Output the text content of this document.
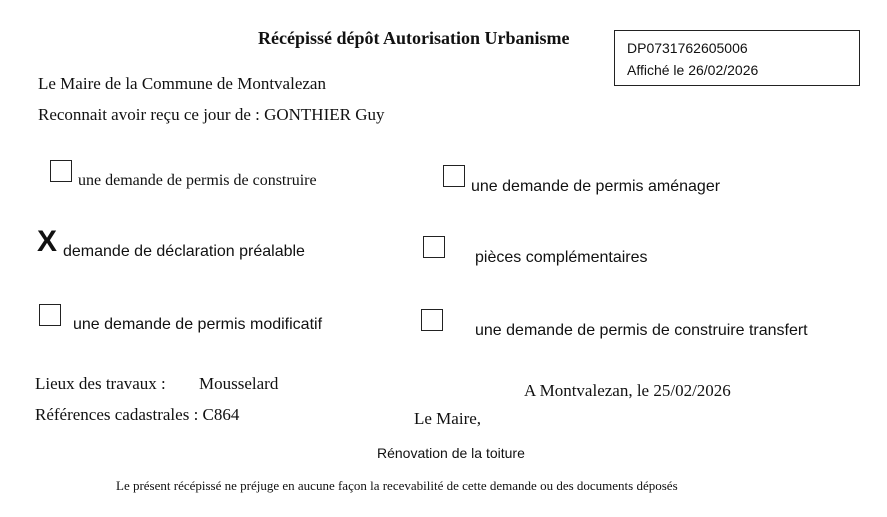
Récépissé dépôt Autorisation Urbanisme	DP0731762605006
Affiché le 26/02/2026
Le Maire de la Commune de Montvalezan
Reconnait avoir reçu ce jour de : GONTHIER Guy
une demande de permis de construire	une demande de permis aménager
X demande de déclaration préalable	pièces complémentaires
une demande de permis modificatif	une demande de permis de construire transfert
Lieux des travaux : Mousselard	A Montvalezan, le 25/02/2026
Références cadastrales : C864	Le Maire,
Rénovation de la toiture
Le présent récépissé ne préjuge en aucune façon la recevabilité de cette demande ou des documents déposés
